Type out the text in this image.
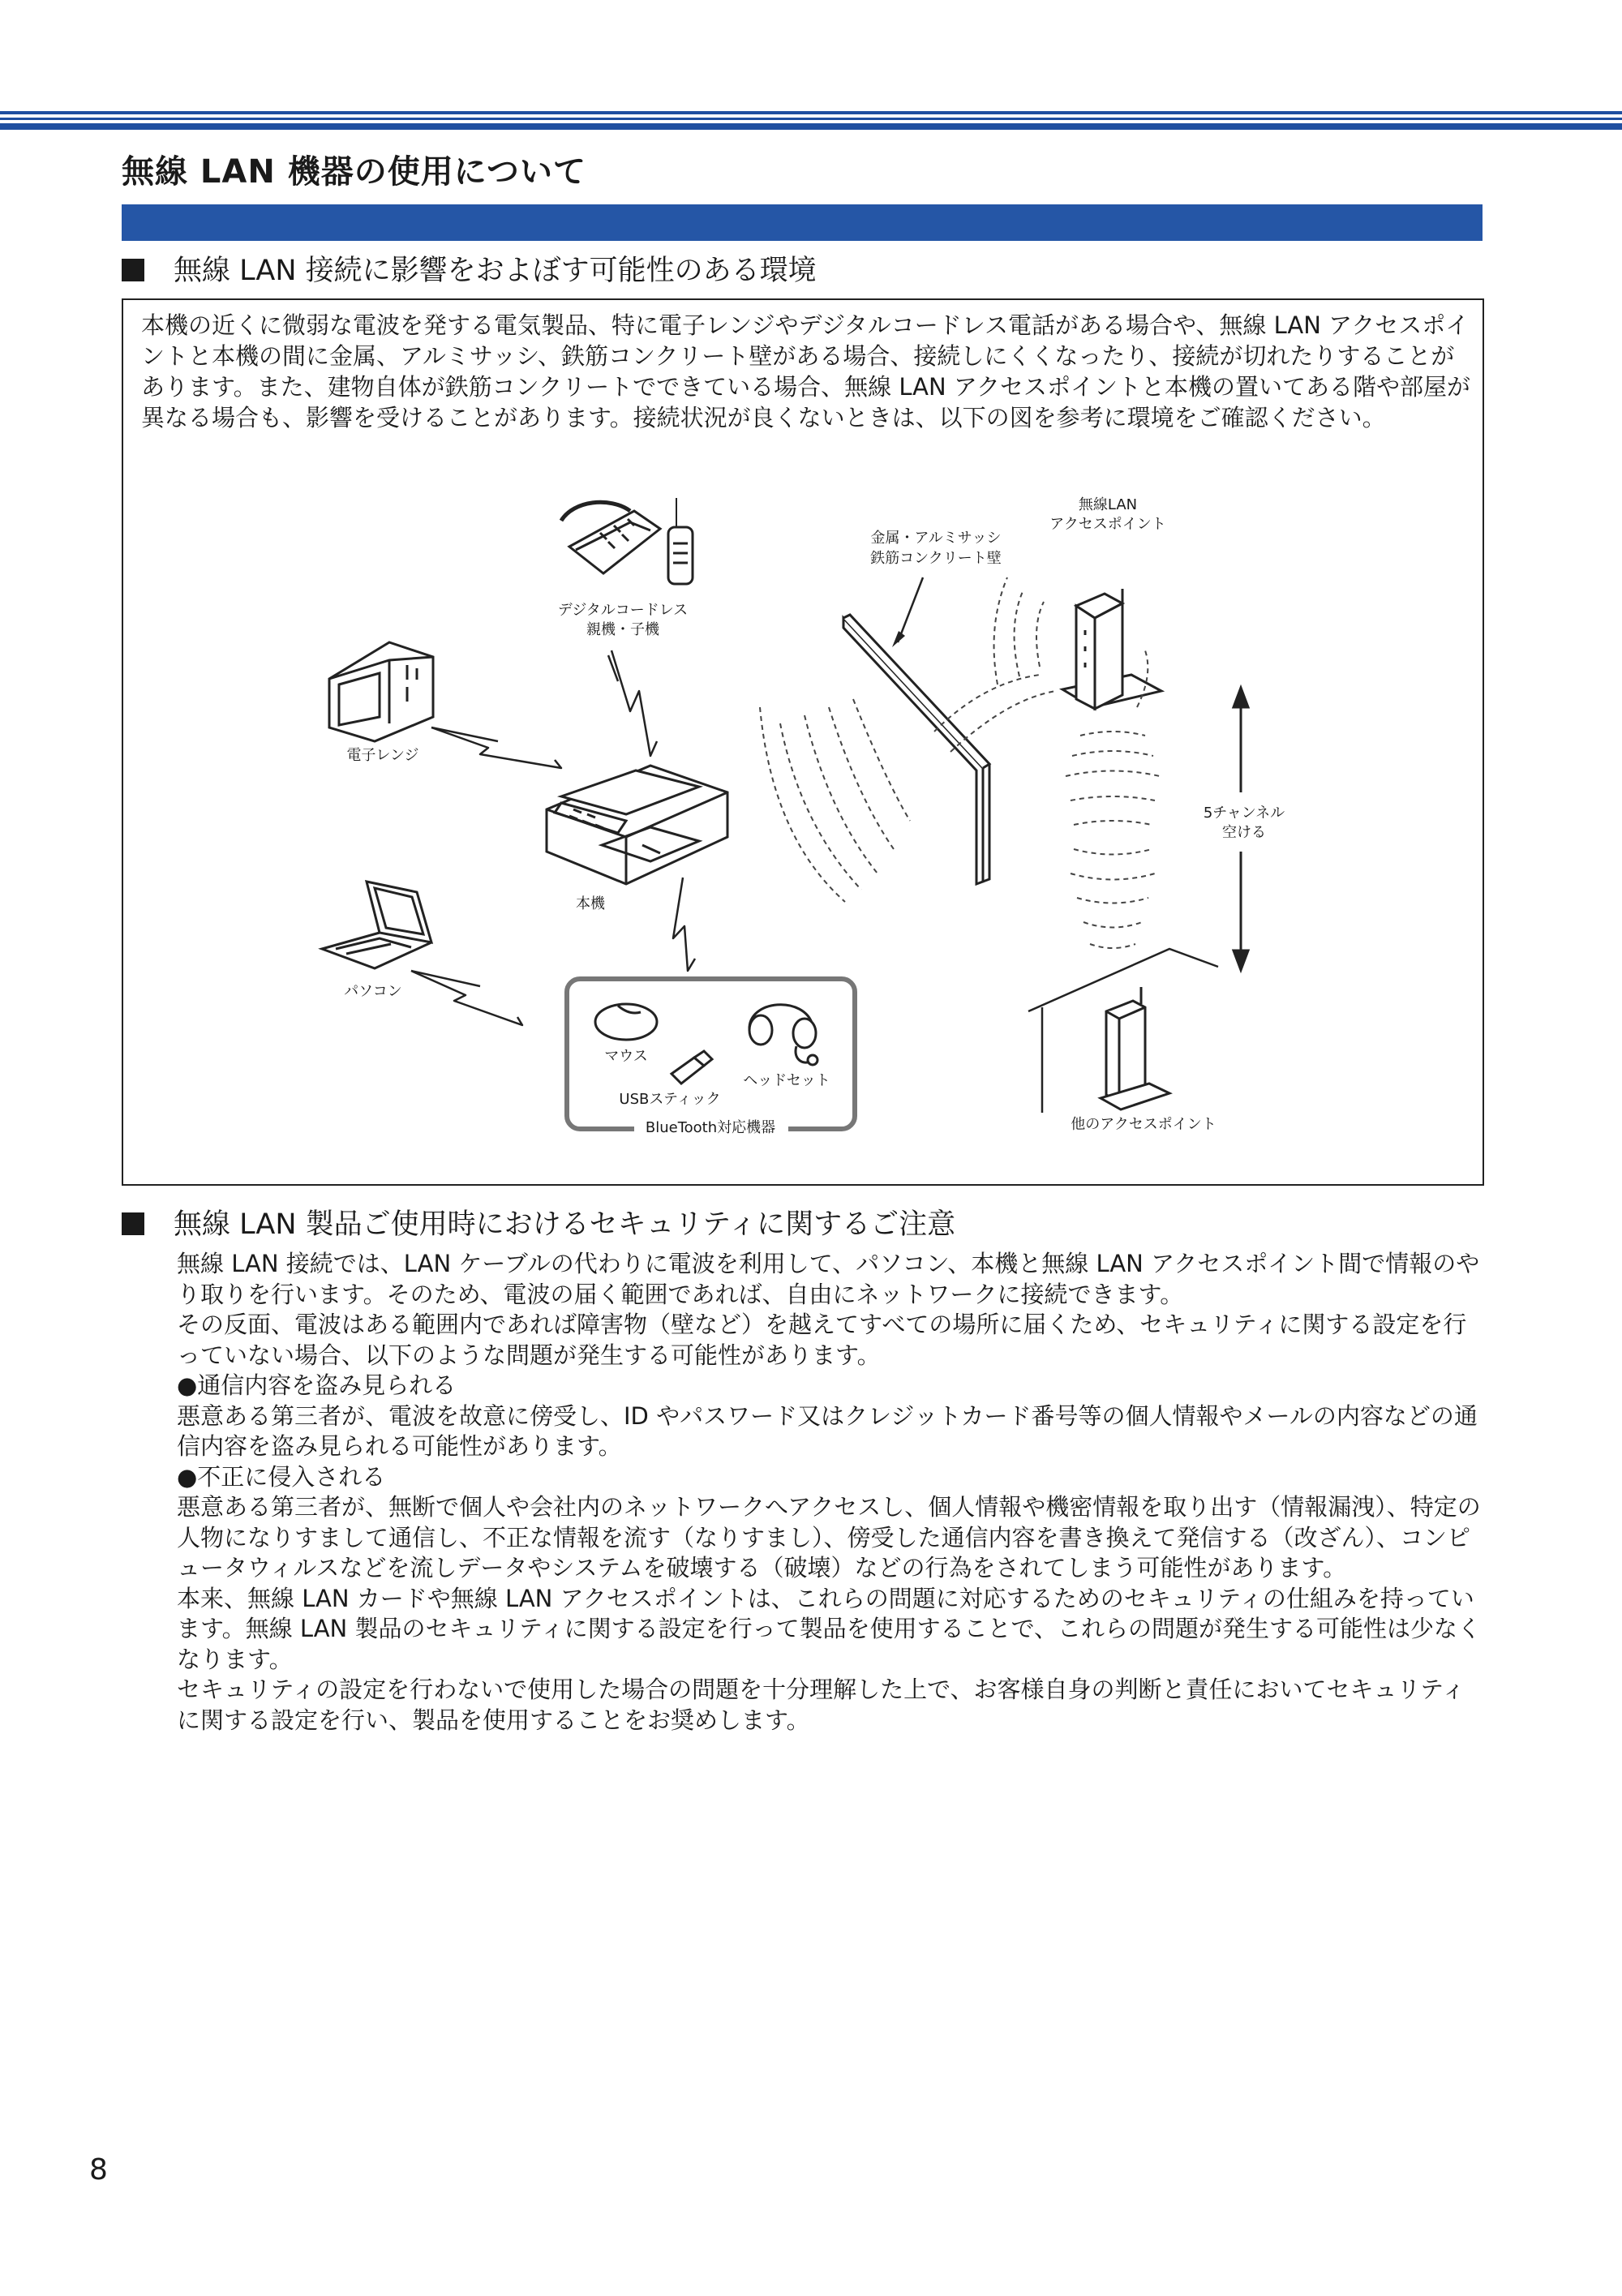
無線 LAN 機器の使用について
無線 LAN 接続に影響をおよぼす可能性のある環境

本機の近くに微弱な電波を発する電気製品、特に電子レンジやデジタルコードレス電話がある場合や、無線 LAN アクセスポイントと本機の間に金属、アルミサッシ、鉄筋コンクリート壁がある場合、接続しにくくなったり、接続が切れたりすることがあります。また、建物自体が鉄筋コンクリートでできている場合、無線 LAN アクセスポイントと本機の置いてある階や部屋が異なる場合も、影響を受けることがあります。接続状況が良くないときは、以下の図を参考に環境をご確認ください。

デジタルコードレス
親機・子機
電子レンジ
パソコン
本機
BlueTooth対応機器
マウス
USBスティック
ヘッドセット
金属・アルミサッシ
鉄筋コンクリート壁
無線LAN
アクセスポイント
5チャンネル
空ける
他のアクセスポイント
無線 LAN 製品ご使用時におけるセキュリティに関するご注意

無線 LAN 接続では、LAN ケーブルの代わりに電波を利用して、パソコン、本機と無線 LAN アクセスポイント間で情報のやり取りを行います。そのため、電波の届く範囲であれば、自由にネットワークに接続できます。

その反面、電波はある範囲内であれば障害物（壁など）を越えてすべての場所に届くため、セキュリティに関する設定を行っていない場合、以下のような問題が発生する可能性があります。

●通信内容を盗み見られる

悪意ある第三者が、電波を故意に傍受し、ID やパスワード又はクレジットカード番号等の個人情報やメールの内容などの通信内容を盗み見られる可能性があります。

●不正に侵入される

悪意ある第三者が、無断で個人や会社内のネットワークへアクセスし、個人情報や機密情報を取り出す（情報漏洩）、特定の人物になりすまして通信し、不正な情報を流す（なりすまし）、傍受した通信内容を書き換えて発信する（改ざん）、コンピュータウィルスなどを流しデータやシステムを破壊する（破壊）などの行為をされてしまう可能性があります。

本来、無線 LAN カードや無線 LAN アクセスポイントは、これらの問題に対応するためのセキュリティの仕組みを持っています。無線 LAN 製品のセキュリティに関する設定を行って製品を使用することで、これらの問題が発生する可能性は少なくなります。

セキュリティの設定を行わないで使用した場合の問題を十分理解した上で、お客様自身の判断と責任においてセキュリティに関する設定を行い、製品を使用することをお奨めします。

8
